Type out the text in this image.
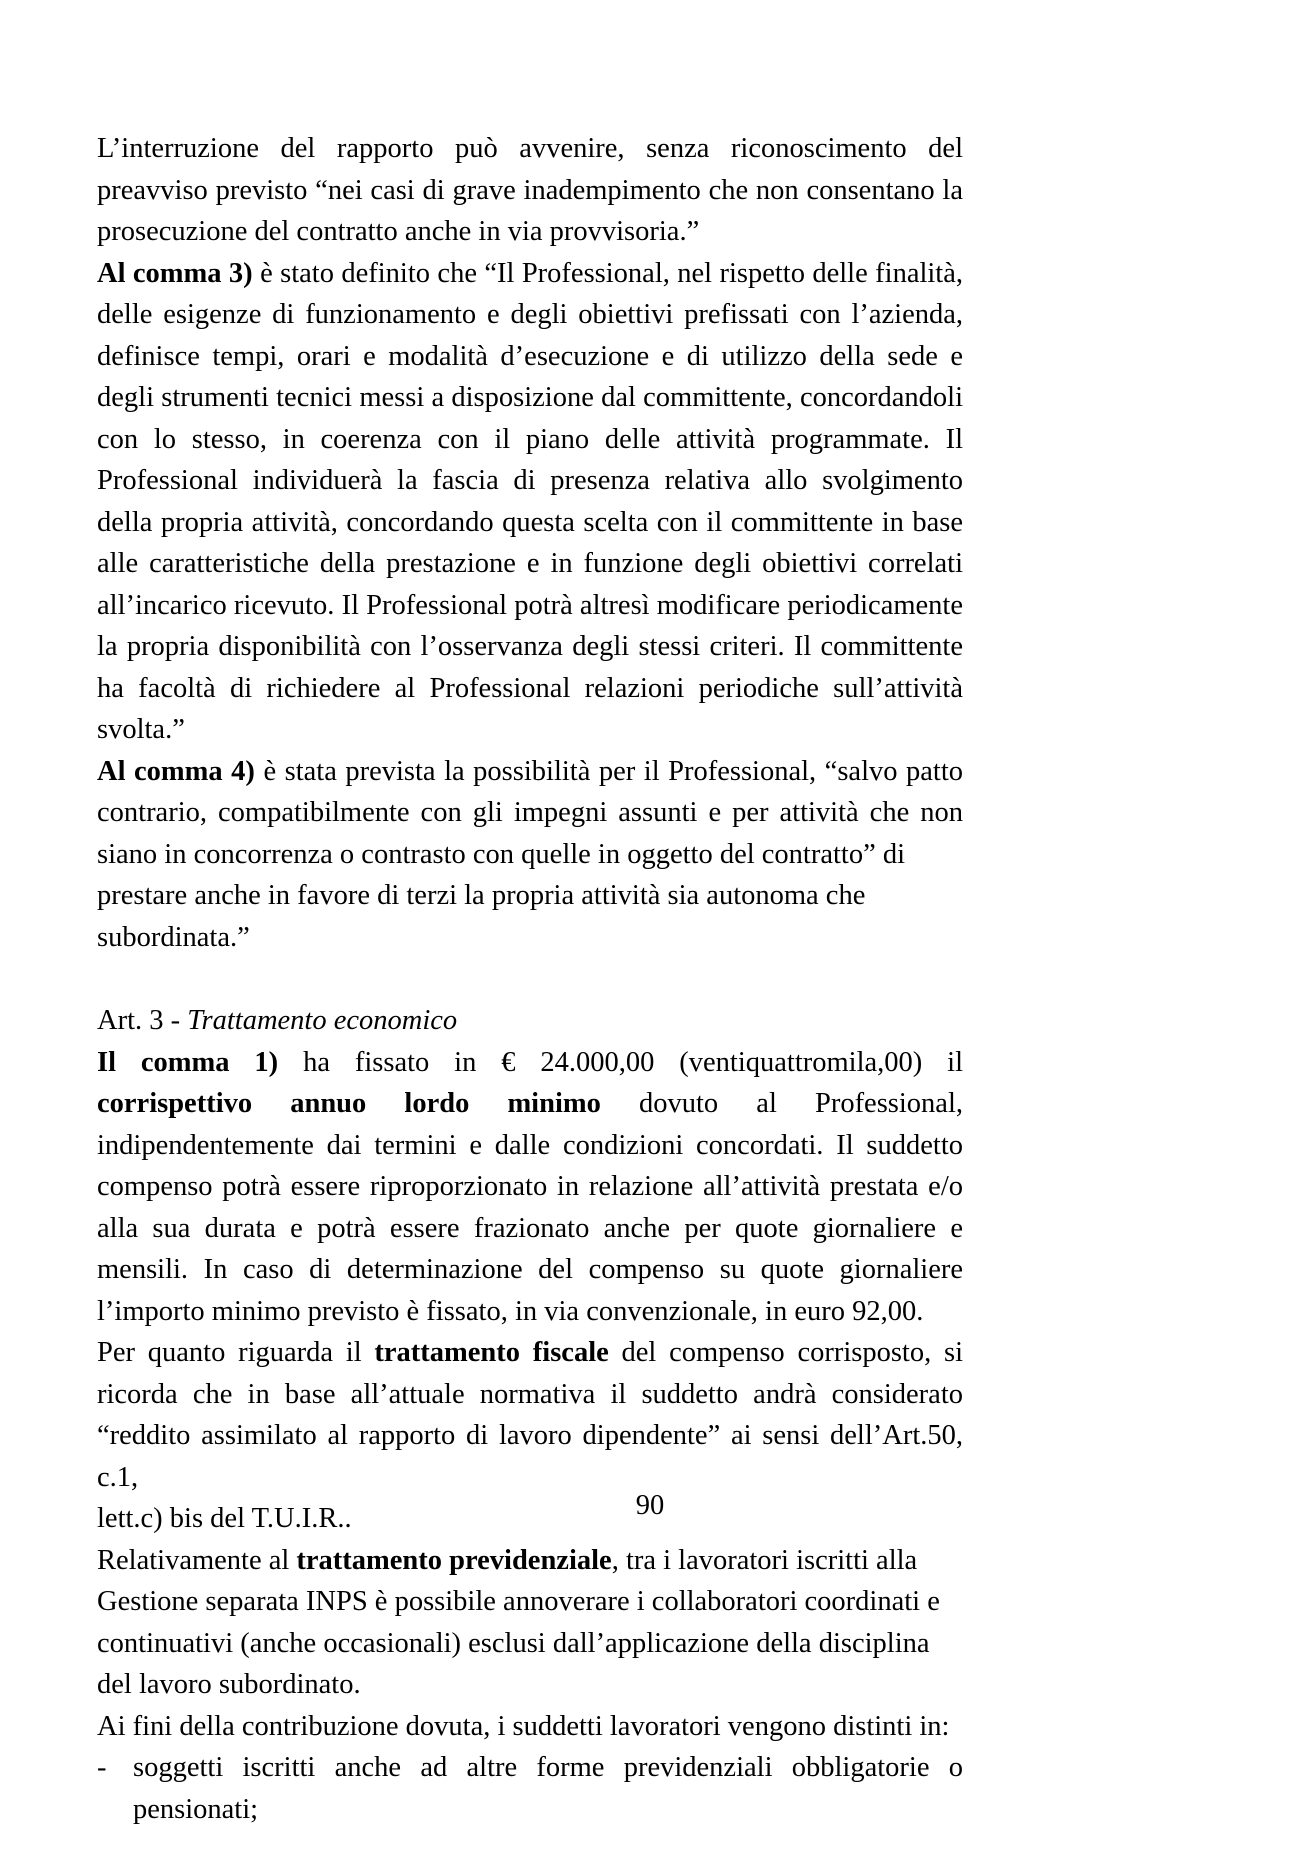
L’interruzione del rapporto può avvenire, senza riconoscimento del preavviso previsto “nei casi di grave inadempimento che non consentano la prosecuzione del contratto anche in via provvisoria.”

Al comma 3) è stato definito che “Il Professional, nel rispetto delle finalità, delle esigenze di funzionamento e degli obiettivi prefissati con l’azienda, definisce tempi, orari e modalità d’esecuzione e di utilizzo della sede e degli strumenti tecnici messi a disposizione dal committente, concordandoli con lo stesso, in coerenza con il piano delle attività programmate. Il Professional individuerà la fascia di presenza relativa allo svolgimento della propria attività, concordando questa scelta con il committente in base alle caratteristiche della prestazione e in funzione degli obiettivi correlati all’incarico ricevuto. Il Professional potrà altresì modificare periodicamente la propria disponibilità con l’osservanza degli stessi criteri. Il committente ha facoltà di richiedere al Professional relazioni periodiche sull’attività svolta.”

Al comma 4) è stata prevista la possibilità per il Professional, “salvo patto contrario, compatibilmente con gli impegni assunti e per attività che non siano in concorrenza o contrasto con quelle in oggetto del contratto” di

prestare anche in favore di terzi la propria attività sia autonoma che subordinata.”

Art. 3 - Trattamento economico

Il comma 1) ha fissato in € 24.000,00 (ventiquattromila,00) il corrispettivo annuo lordo minimo dovuto al Professional, indipendentemente dai termini e dalle condizioni concordati. Il suddetto compenso potrà essere riproporzionato in relazione all’attività prestata e/o alla sua durata e potrà essere frazionato anche per quote giornaliere e mensili. In caso di determinazione del compenso su quote giornaliere l’importo minimo previsto è fissato, in via convenzionale, in euro 92,00.

Per quanto riguarda il trattamento fiscale del compenso corrisposto, si ricorda che in base all’attuale normativa il suddetto andrà considerato “reddito assimilato al rapporto di lavoro dipendente” ai sensi dell’Art.50, c.1,

lett.c) bis del T.U.I.R..

Relativamente al trattamento previdenziale, tra i lavoratori iscritti alla Gestione separata INPS è possibile annoverare i collaboratori coordinati e continuativi (anche occasionali) esclusi dall’applicazione della disciplina del lavoro subordinato.

Ai fini della contribuzione dovuta, i suddetti lavoratori vengono distinti in:

- soggetti iscritti anche ad altre forme previdenziali obbligatorie o pensionati;
90
